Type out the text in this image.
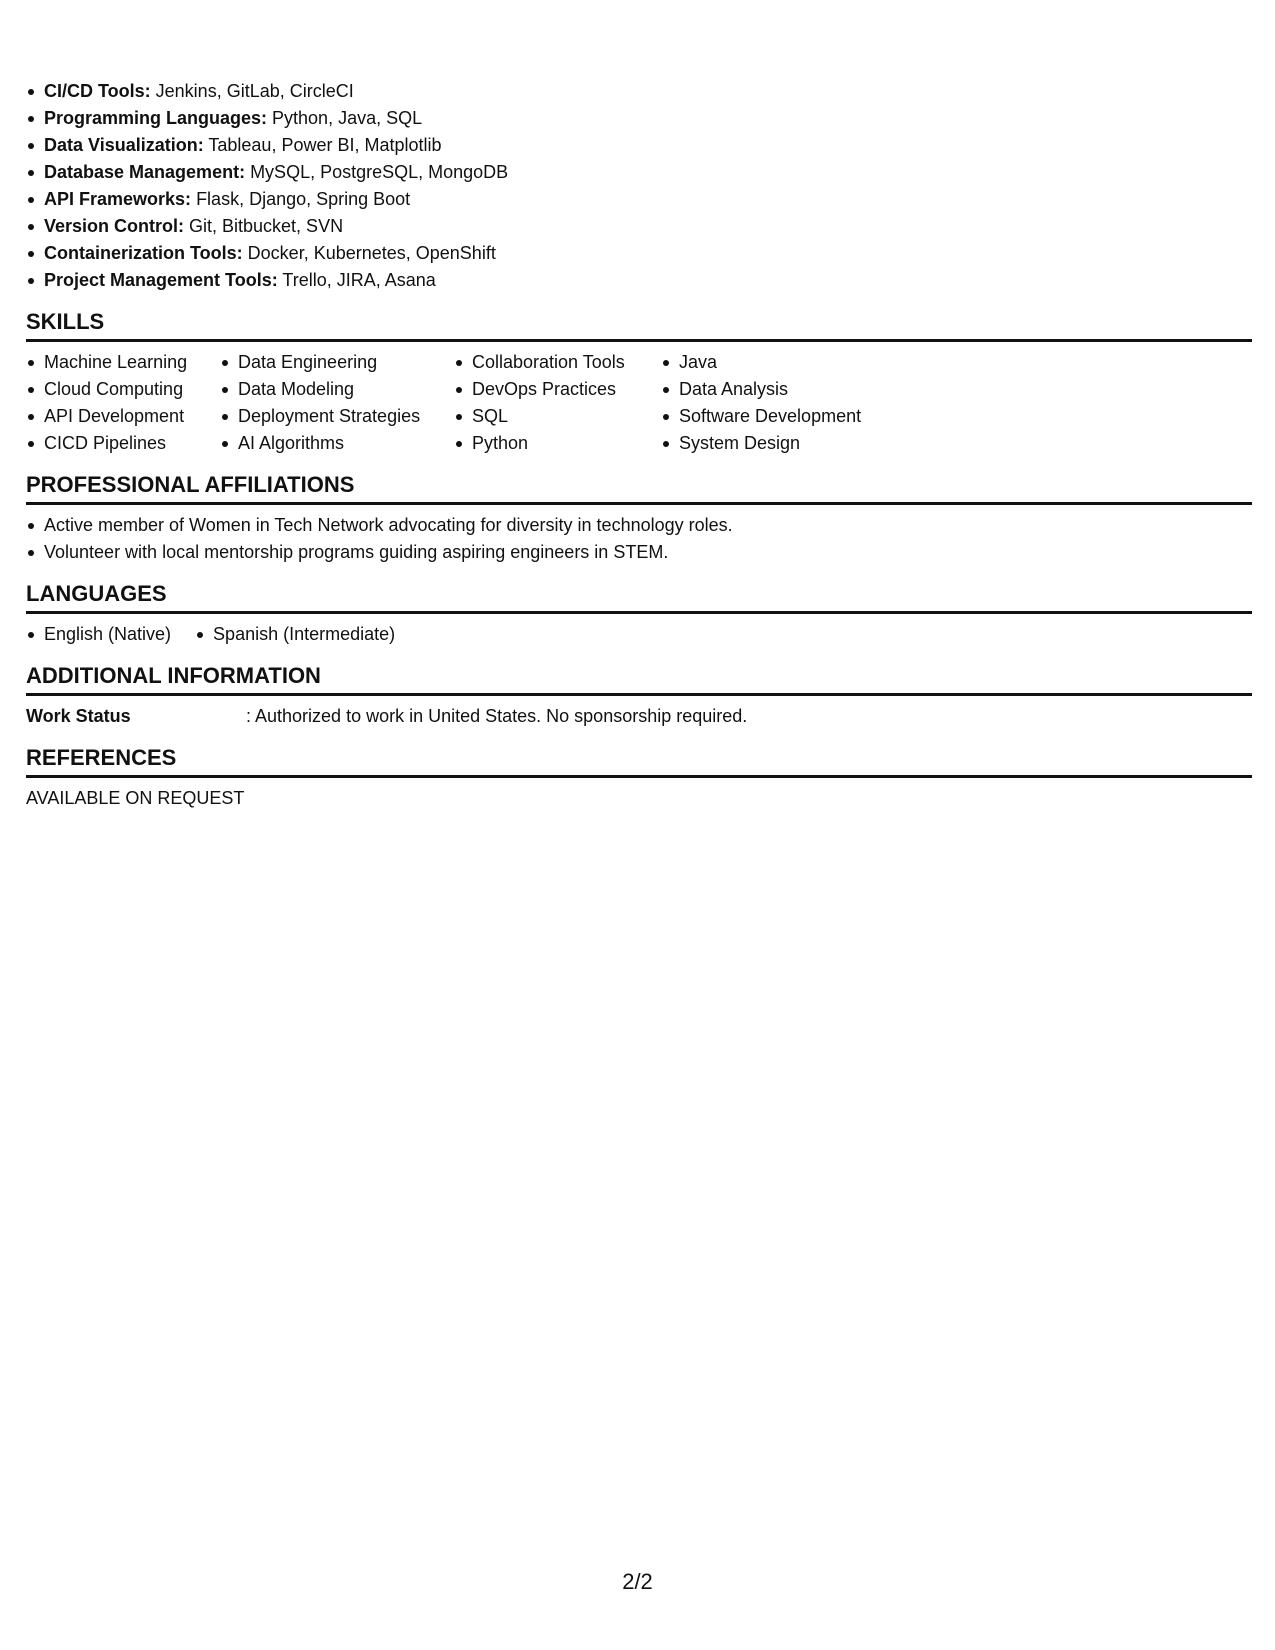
CI/CD Tools: Jenkins, GitLab, CircleCI
Programming Languages: Python, Java, SQL
Data Visualization: Tableau, Power BI, Matplotlib
Database Management: MySQL, PostgreSQL, MongoDB
API Frameworks: Flask, Django, Spring Boot
Version Control: Git, Bitbucket, SVN
Containerization Tools: Docker, Kubernetes, OpenShift
Project Management Tools: Trello, JIRA, Asana
SKILLS
Machine Learning
Cloud Computing
API Development
CICD Pipelines
Data Engineering
Data Modeling
Deployment Strategies
AI Algorithms
Collaboration Tools
DevOps Practices
SQL
Python
Java
Data Analysis
Software Development
System Design
PROFESSIONAL AFFILIATIONS
Active member of Women in Tech Network advocating for diversity in technology roles.
Volunteer with local mentorship programs guiding aspiring engineers in STEM.
LANGUAGES
English (Native)	Spanish (Intermediate)
ADDITIONAL INFORMATION
Work Status	: Authorized to work in United States. No sponsorship required.
REFERENCES
AVAILABLE ON REQUEST
2/2
